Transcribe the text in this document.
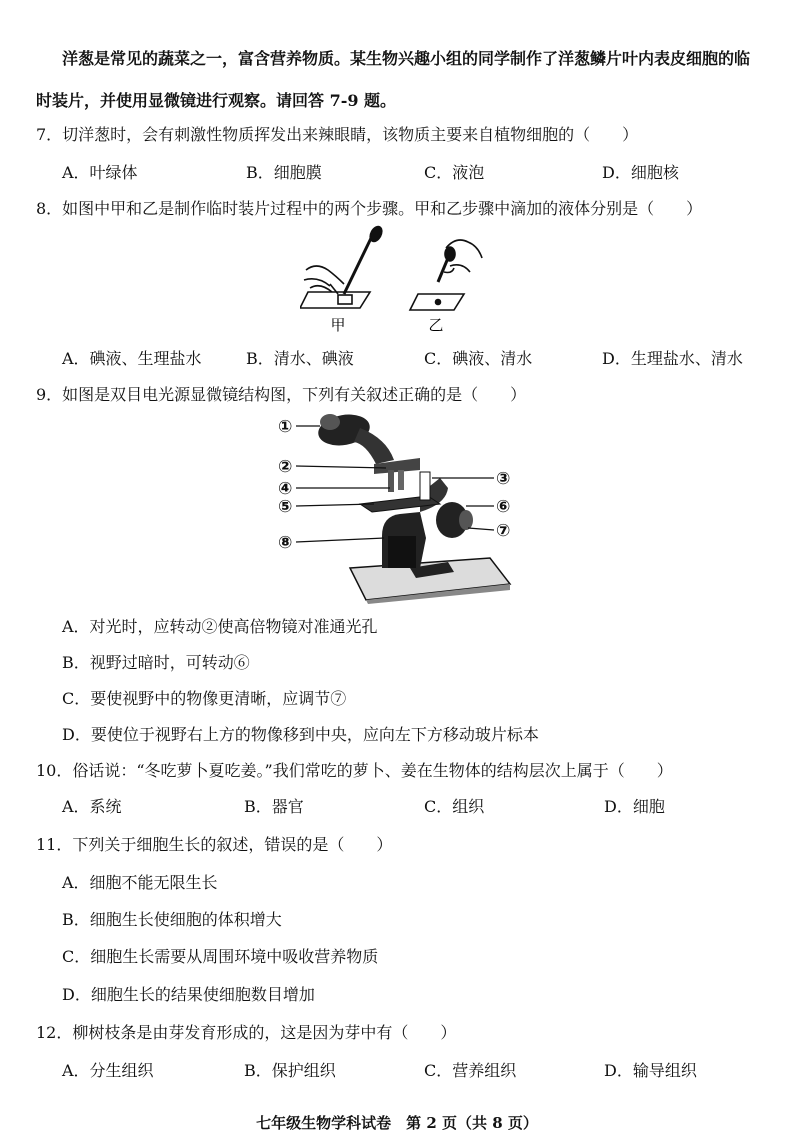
洋葱是常见的蔬菜之一，富含营养物质。某生物兴趣小组的同学制作了洋葱鳞片叶内表皮细胞的临
时装片，并使用显微镜进行观察。请回答 7-9 题。
7．切洋葱时，会有刺激性物质挥发出来辣眼睛，该物质主要来自植物细胞的（　　）
A．叶绿体	B．细胞膜	C．液泡	D．细胞核
8．如图中甲和乙是制作临时装片过程中的两个步骤。甲和乙步骤中滴加的液体分别是（　　）
甲	乙
A．碘液、生理盐水	B．清水、碘液	C．碘液、清水	D．生理盐水、清水
9．如图是双目电光源显微镜结构图，下列有关叙述正确的是（　　）
①
②
④
⑤
⑧
③
⑥
⑦
A．对光时，应转动②使高倍物镜对准通光孔
B．视野过暗时，可转动⑥
C．要使视野中的物像更清晰，应调节⑦
D．要使位于视野右上方的物像移到中央，应向左下方移动玻片标本
10．俗话说：“冬吃萝卜夏吃姜。”我们常吃的萝卜、姜在生物体的结构层次上属于（　　）
A．系统	B．器官	C．组织	D．细胞
11．下列关于细胞生长的叙述，错误的是（　　）
A．细胞不能无限生长
B．细胞生长使细胞的体积增大
C．细胞生长需要从周围环境中吸收营养物质
D．细胞生长的结果使细胞数目增加
12．柳树枝条是由芽发育形成的，这是因为芽中有（　　）
A．分生组织	B．保护组织	C．营养组织	D．输导组织
七年级生物学科试卷　第 2 页（共 8 页）
